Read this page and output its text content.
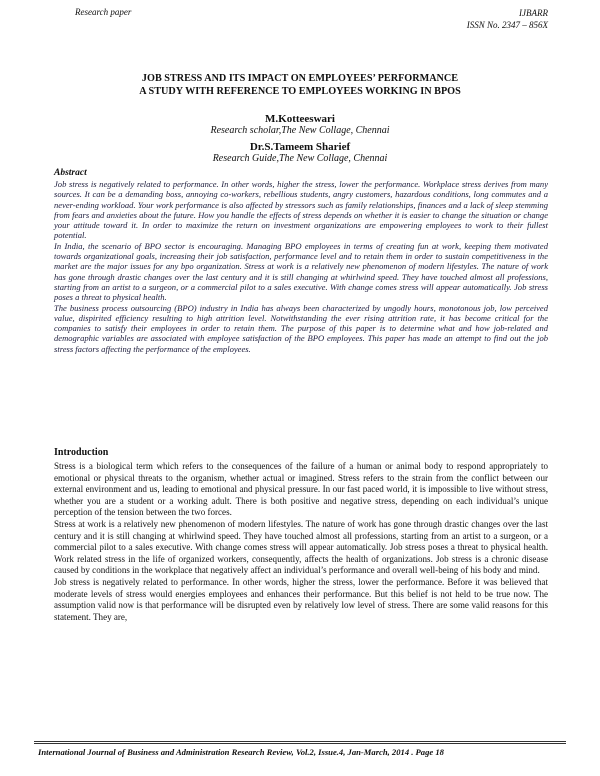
Research paper	IJBARR
ISSN No. 2347 – 856X
JOB STRESS AND ITS IMPACT ON EMPLOYEES’ PERFORMANCE
A STUDY WITH REFERENCE TO EMPLOYEES WORKING IN BPOS
M.Kotteeswari
Research scholar,The New Collage, Chennai
Dr.S.Tameem Sharief
Research Guide,The New Collage, Chennai
Abstract

Job stress is negatively related to performance. In other words, higher the stress, lower the performance. Workplace stress derives from many sources. It can be a demanding boss, annoying co-workers, rebellious students, angry customers, hazardous conditions, long commutes and a never-ending workload. Your work performance is also affected by stressors such as family relationships, finances and a lack of sleep stemming from fears and anxieties about the future. How you handle the effects of stress depends on whether it is easier to change the situation or change your attitude toward it. In order to maximize the return on investment organizations are empowering employees to work to their fullest potential.

In India, the scenario of BPO sector is encouraging. Managing BPO employees in terms of creating fun at work, keeping them motivated towards organizational goals, increasing their job satisfaction, performance level and to retain them in order to sustain competitiveness in the market are the major issues for any bpo organization. Stress at work is a relatively new phenomenon of modern lifestyles. The nature of work has gone through drastic changes over the last century and it is still changing at whirlwind speed. They have touched almost all professions, starting from an artist to a surgeon, or a commercial pilot to a sales executive. With change comes stress will appear automatically. Job stress poses a threat to physical health.

The business process outsourcing (BPO) industry in India has always been characterized by ungodly hours, monotonous job, low perceived value, dispirited efficiency resulting to high attrition level. Notwithstanding the ever rising attrition rate, it has become critical for the companies to satisfy their employees in order to retain them. The purpose of this paper is to determine what and how job-related and demographic variables are associated with employee satisfaction of the BPO employees. This paper has made an attempt to find out the job stress factors affecting the performance of the employees.

Introduction

Stress is a biological term which refers to the consequences of the failure of a human or animal body to respond appropriately to emotional or physical threats to the organism, whether actual or imagined. Stress refers to the strain from the conflict between our external environment and us, leading to emotional and physical pressure. In our fast paced world, it is impossible to live without stress, whether you are a student or a working adult. There is both positive and negative stress, depending on each individual’s unique perception of the tension between the two forces.

Stress at work is a relatively new phenomenon of modern lifestyles. The nature of work has gone through drastic changes over the last century and it is still changing at whirlwind speed. They have touched almost all professions, starting from an artist to a surgeon, or a commercial pilot to a sales executive. With change comes stress will appear automatically. Job stress poses a threat to physical health. Work related stress in the life of organized workers, consequently, affects the health of organizations. Job stress is a chronic disease caused by conditions in the workplace that negatively affect an individual’s performance and overall well-being of his body and mind.

Job stress is negatively related to performance. In other words, higher the stress, lower the performance. Before it was believed that moderate levels of stress would energies employees and enhances their performance. But this belief is not held to be true now. The assumption valid now is that performance will be disrupted even by relatively low level of stress. There are some valid reasons for this statement. They are,

International Journal of Business and Administration Research Review, Vol.2, Issue.4, Jan-March, 2014 . Page 18
